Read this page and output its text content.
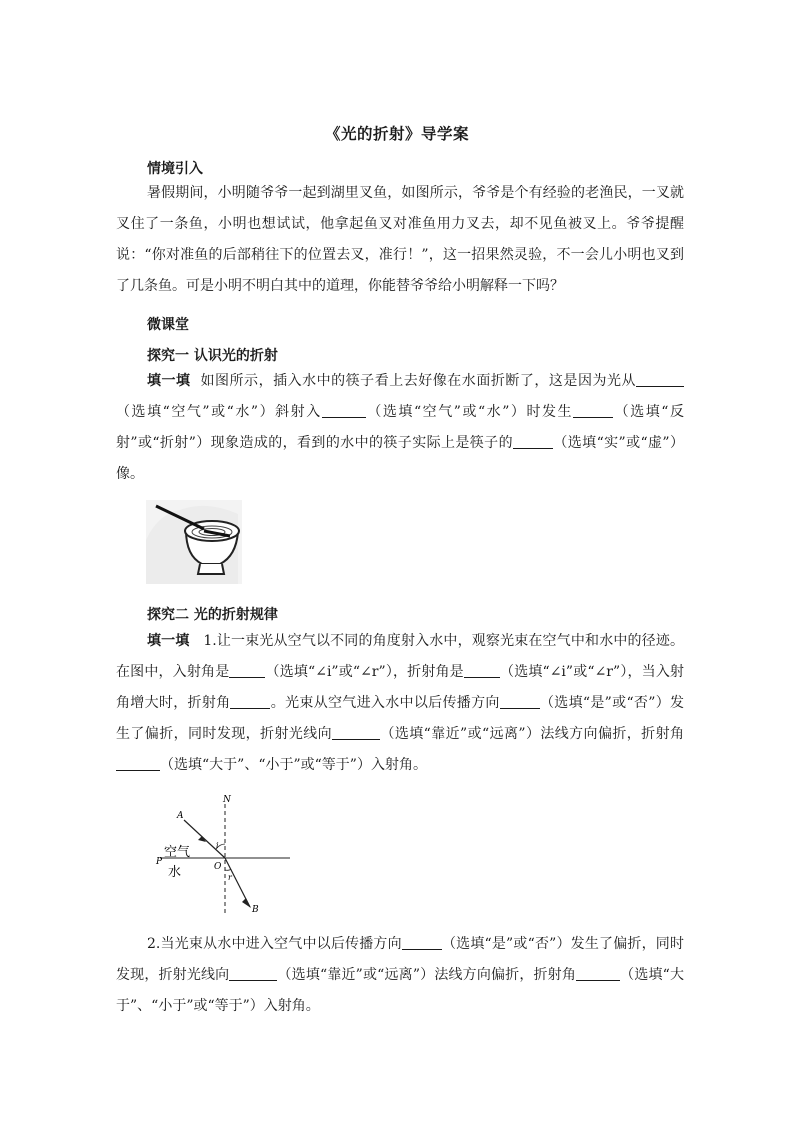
《光的折射》导学案
情境引入
暑假期间，小明随爷爷一起到湖里叉鱼，如图所示，爷爷是个有经验的老渔民，一叉就叉住了一条鱼，小明也想试试，他拿起鱼叉对准鱼用力叉去，却不见鱼被叉上。爷爷提醒说：“你对准鱼的后部稍往下的位置去叉，准行！”，这一招果然灵验，不一会儿小明也叉到了几条鱼。可是小明不明白其中的道理，你能替爷爷给小明解释一下吗？
微课堂
探究一 认识光的折射
填一填 如图所示，插入水中的筷子看上去好像在水面折断了，这是因为光从（选填“空气”或“水”）斜射入	（选填“空气”或“水”）时发生	（选填“反射”或“折射”）现象造成的，看到的水中的筷子实际上是筷子的	（选填“实”或“虚”）像。
探究二 光的折射规律
填一填 1.让一束光从空气以不同的角度射入水中，观察光束在空气中和水中的径迹。在图中，入射角是	（选填“∠i”或“∠r”），折射角是	（选填“∠i”或“∠r”），当入射角增大时，折射角	。光束从空气进入水中以后传播方向	（选填“是”或“否”）发生了偏折，同时发现，折射光线向	（选填“靠近”或“远离”）法线方向偏折，折射角（选填“大于”、“小于”或“等于”）入射角。
N
A
B
O
P
i
r
空气
水
2.当光束从水中进入空气中以后传播方向	（选填“是”或“否”）发生了偏折，同时发现，折射光线向	（选填“靠近”或“远离”）法线方向偏折，折射角	（选填“大于”、“小于”或“等于”）入射角。
